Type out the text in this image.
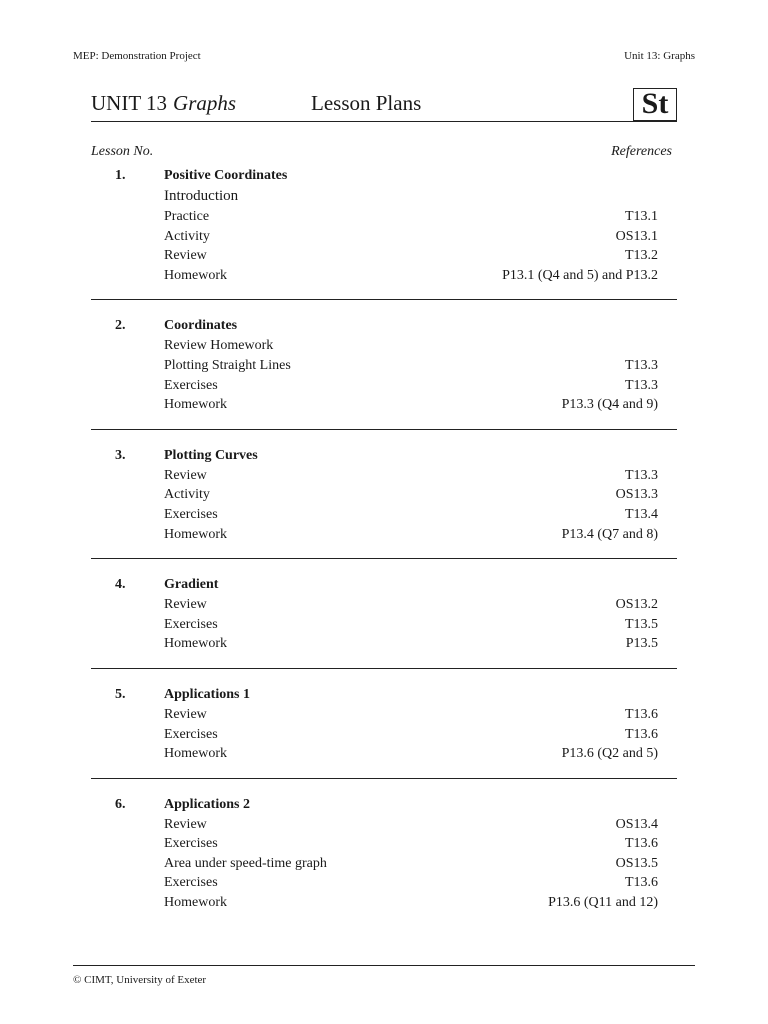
MEP: Demonstration Project	Unit 13: Graphs
UNIT 13 Graphs	Lesson Plans	St
Lesson No.	References
1.	Positive Coordinates
Introduction
Practice	T13.1
Activity	OS13.1
Review	T13.2
Homework	P13.1 (Q4 and 5) and P13.2
2.	Coordinates
Review Homework
Plotting Straight Lines	T13.3
Exercises	T13.3
Homework	P13.3 (Q4 and 9)
3.	Plotting Curves
Review	T13.3
Activity	OS13.3
Exercises	T13.4
Homework	P13.4 (Q7 and 8)
4.	Gradient
Review	OS13.2
Exercises	T13.5
Homework	P13.5
5.	Applications 1
Review	T13.6
Exercises	T13.6
Homework	P13.6 (Q2 and 5)
6.	Applications 2
Review	OS13.4
Exercises	T13.6
Area under speed-time graph	OS13.5
Exercises	T13.6
Homework	P13.6 (Q11 and 12)
© CIMT, University of Exeter
